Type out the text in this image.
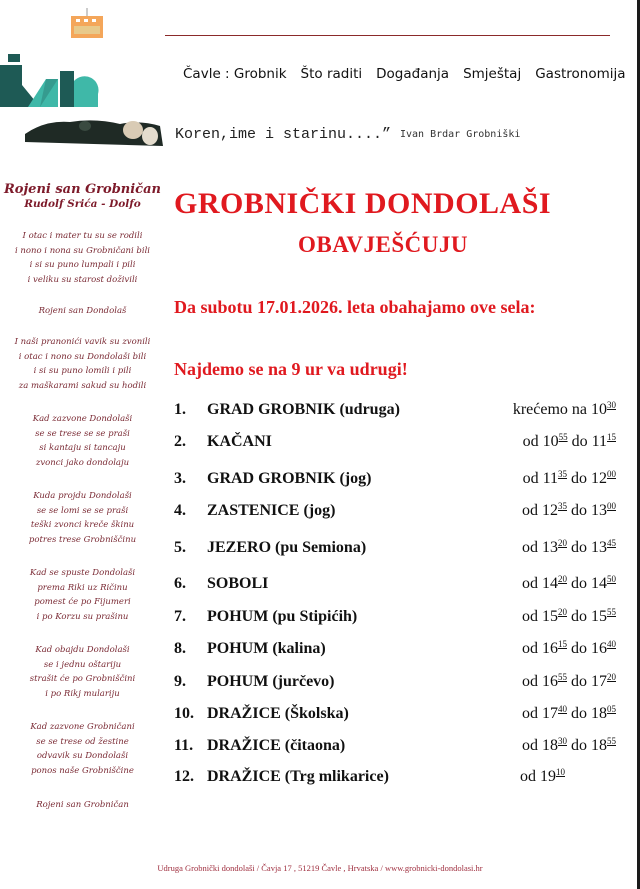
Čavle : Grobnik Što raditi Događanja Smještaj Gastronomija
Koren,ime i starinu....” Ivan Brdar Grobniški
Rojeni san Grobničan
Rudolf Srića - Dolfo
I otac i mater tu su se rodili
i nono i nona su Grobničani bili
i si su puno lumpali i pili
i veliku su starost doživili
Rojeni san Dondolaš
I naši pranonići vavik su zvonili
i otac i nono su Dondolaši bili
i si su puno lomili i pili
za maškarami sakud su hodili
Kad zazvone Dondolaši
se se trese se se praši
si kantaju si tancaju
zvonci jako dondolaju
Kuda projdu Dondolaši
se se lomi se se praši
teški zvonci kreče škinu
potres trese Grobniščinu
Kad se spuste Dondolaši
prema Riki uz Ričinu
pomest će po Fijumeri
i po Korzu su prašinu
Kad obajdu Dondolaši
se i jednu oštariju
strašit će po Grobniščini
i po Rikj mulariju
Kad zazvone Grobničani
se se trese od žestine
odvavik su Dondolaši
ponos naše Grobniščine
Rojeni san Grobničan
GROBNIČKI DONDOLAŠI
OBAVJEŠĆUJU
Da subotu 17.01.2026. leta obahajamo ove sela:
Najdemo se na 9 ur va udrugi!
1. GRAD GROBNIK (udruga)	krećemo na $10^{30}$
2. KAČANI	od $10^{55}$ do $11^{15}$
3. GRAD GROBNIK (jog)	od $11^{35}$ do $12^{00}$
4. ZASTENICE (jog)	od $12^{35}$ do $13^{00}$
5. JEZERO (pu Semiona)	od $13^{20}$ do $13^{45}$
6. SOBOLI	od $14^{20}$ do $14^{50}$
7. POHUM (pu Stipićih)	od $15^{20}$ do $15^{55}$
8. POHUM (kalina)	od $16^{15}$ do $16^{40}$
9. POHUM (jurčevo)	od $16^{55}$ do $17^{20}$
10. DRAŽICE (Školska)	od $17^{40}$ do $18^{05}$
11. DRAŽICE (čitaona)	od $18^{30}$ do $18^{55}$
12. DRAŽICE (Trg mlikarice)	od $19^{10}$
Udruga Grobnički dondolaši / Čavja 17 , 51219 Čavle , Hrvatska / www.grobnicki-dondolasi.hr
